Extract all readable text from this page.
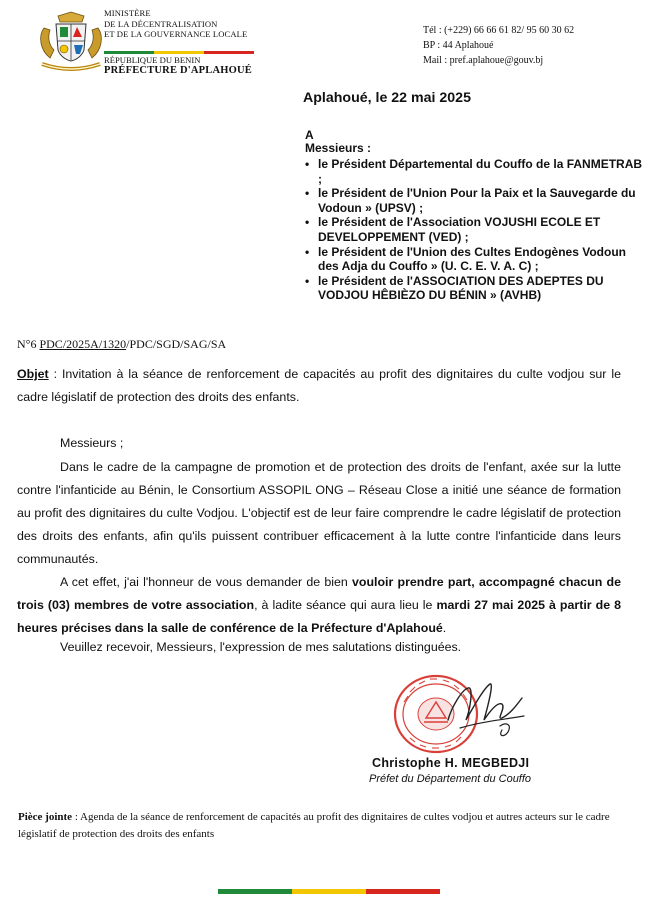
MINISTÈRE
DE LA DÉCENTRALISATION
ET DE LA GOUVERNANCE LOCALE
RÉPUBLIQUE DU BENIN
PRÉFECTURE D'APLAHOUÉ
Tél : (+229) 66 66 61 82/ 95 60 30 62
BP : 44 Aplahoué
Mail : pref.aplahoue@gouv.bj
Aplahoué, le 22 mai 2025
A
Messieurs :
• le Président Départemental du Couffo de la FANMETRAB ;
• le Président de l'Union Pour la Paix et la Sauvegarde du Vodoun » (UPSV) ;
• le Président de l'Association VOJUSHI ECOLE ET DEVELOPPEMENT (VED) ;
• le Président de l'Union des Cultes Endogènes Vodoun des Adja du Couffo » (U. C. E. V. A. C) ;
• le Président de l'ASSOCIATION DES ADEPTES DU VODJOU HÊBIÈZO DU BÉNIN » (AVHB)
N°6 PDC/2025A/1320/PDC/SGD/SAG/SA
Objet : Invitation à la séance de renforcement de capacités au profit des dignitaires du culte vodjou sur le cadre législatif de protection des droits des enfants.
Messieurs ;
Dans le cadre de la campagne de promotion et de protection des droits de l'enfant, axée sur la lutte contre l'infanticide au Bénin, le Consortium ASSOPIL ONG – Réseau Close a initié une séance de formation au profit des dignitaires du culte Vodjou. L'objectif est de leur faire comprendre le cadre législatif de protection des droits des enfants, afin qu'ils puissent contribuer efficacement à la lutte contre l'infanticide dans leurs communautés.
A cet effet, j'ai l'honneur de vous demander de bien vouloir prendre part, accompagné chacun de trois (03) membres de votre association, à ladite séance qui aura lieu le mardi 27 mai 2025 à partir de 8 heures précises dans la salle de conférence de la Préfecture d'Aplahoué.
Veuillez recevoir, Messieurs, l'expression de mes salutations distinguées.
Christophe H. MEGBEDJI
Préfet du Département du Couffo
Pièce jointe : Agenda de la séance de renforcement de capacités au profit des dignitaires de cultes vodjou et autres acteurs sur le cadre législatif de protection des droits des enfants
